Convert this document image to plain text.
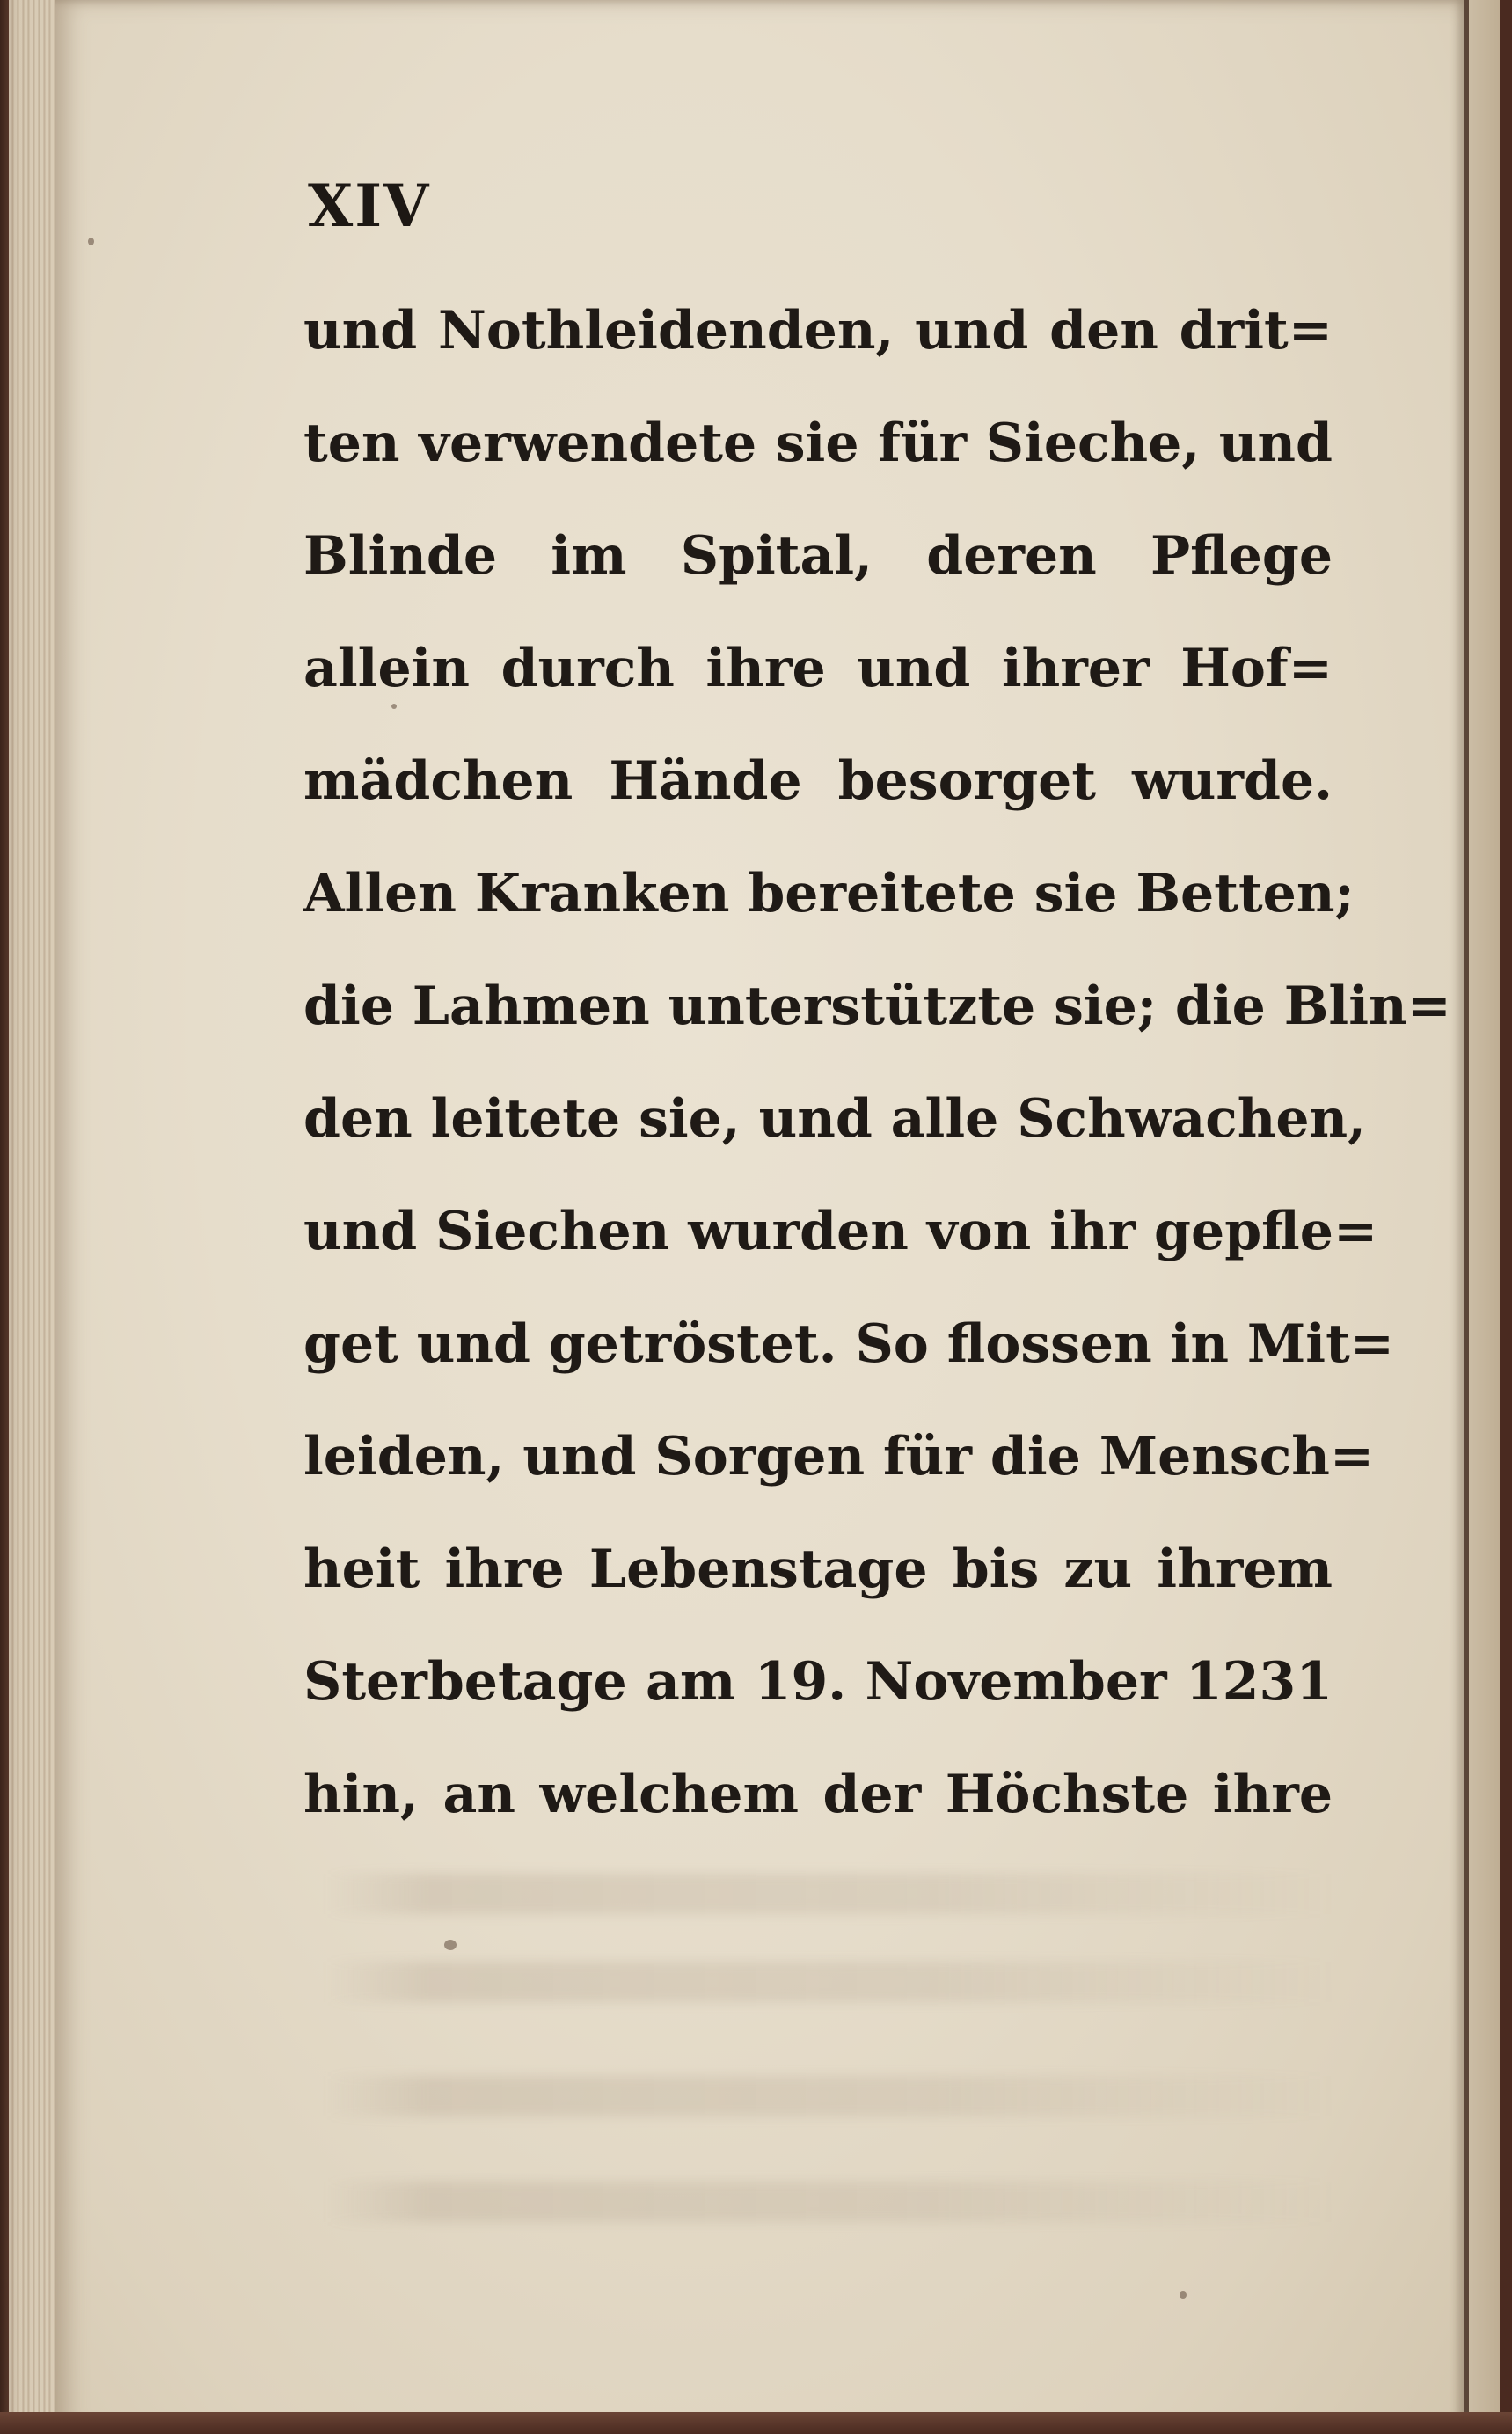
XIV
und Nothleidenden, und den drit=
ten verwendete sie für Sieche, und
Blinde im Spital, deren Pflege
allein durch ihre und ihrer Hof=
mädchen Hände besorget wurde.
Allen Kranken bereitete sie Betten;
die Lahmen unterstützte sie; die Blin=
den leitete sie, und alle Schwachen,
und Siechen wurden von ihr gepfle=
get und getröstet. So flossen in Mit=
leiden, und Sorgen für die Mensch=
heit ihre Lebenstage bis zu ihrem
Sterbetage am 19. November 1231
hin, an welchem der Höchste ihre
